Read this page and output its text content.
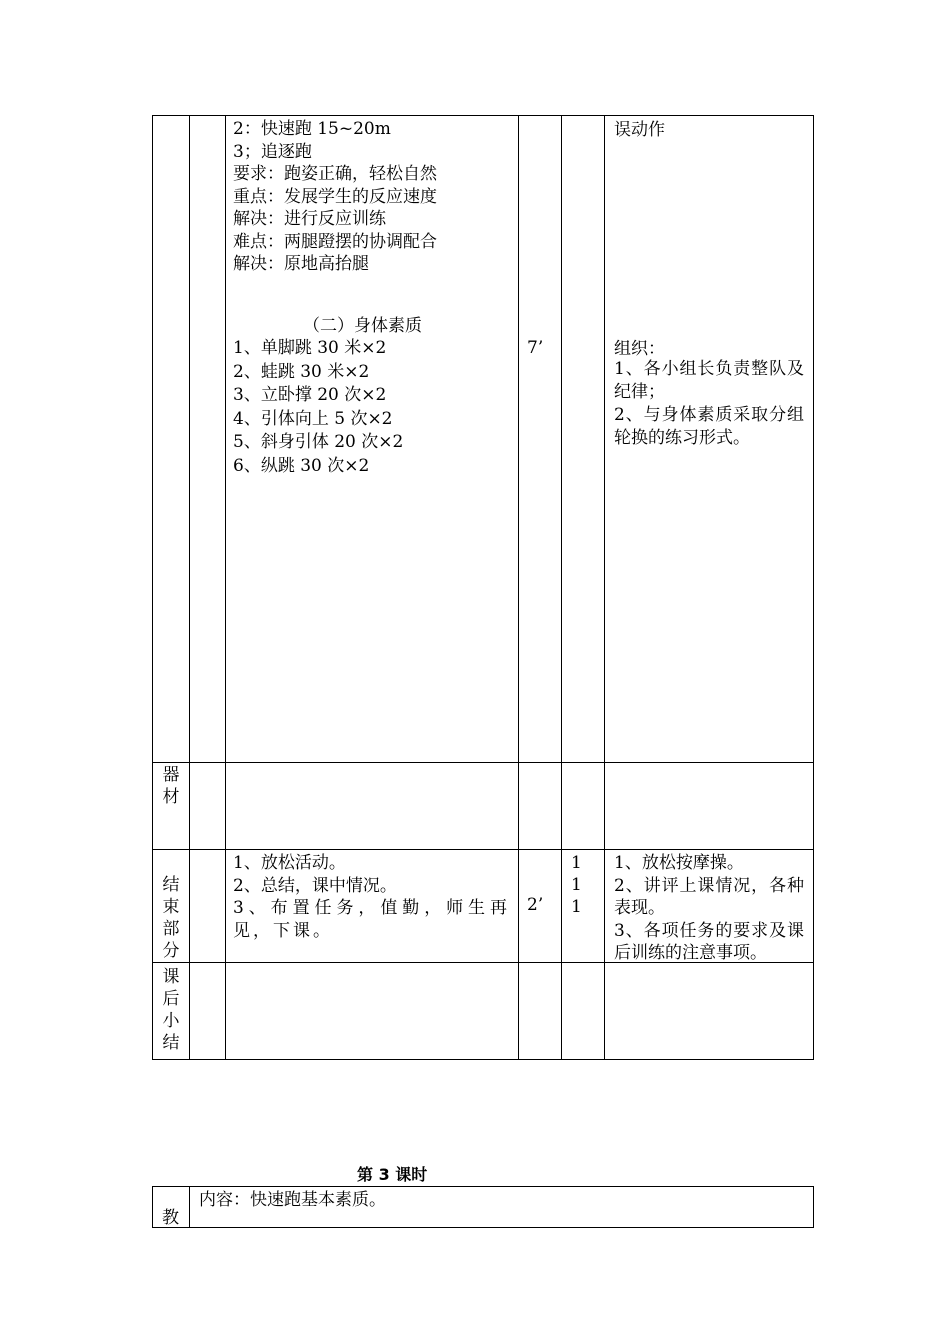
2：快速跑 15~20m
3；追逐跑
要求：跑姿正确，轻松自然
重点：发展学生的反应速度
解决：进行反应训练
难点：两腿蹬摆的协调配合
解决：原地高抬腿
（二）身体素质
1、单脚跳 30 米×2
2、蛙跳 30 米×2
3、立卧撑 20 次×2
4、引体向上 5 次×2
5、斜身引体 20 次×2
6、纵跳 30 次×2
7’
误动作
组织：
1、各小组长负责整队及纪律；
2、与身体素质采取分组轮换的练习形式。
器材
结束部分
1、放松活动。
2、总结，课中情况。
3、布置任务，值勤，师生再见，下课。
2’
1
1
1
1、放松按摩操。
2、讲评上课情况，各种表现。
3、各项任务的要求及课后训练的注意事项。
课后小结
第 3 课时
教
内容：快速跑基本素质。
